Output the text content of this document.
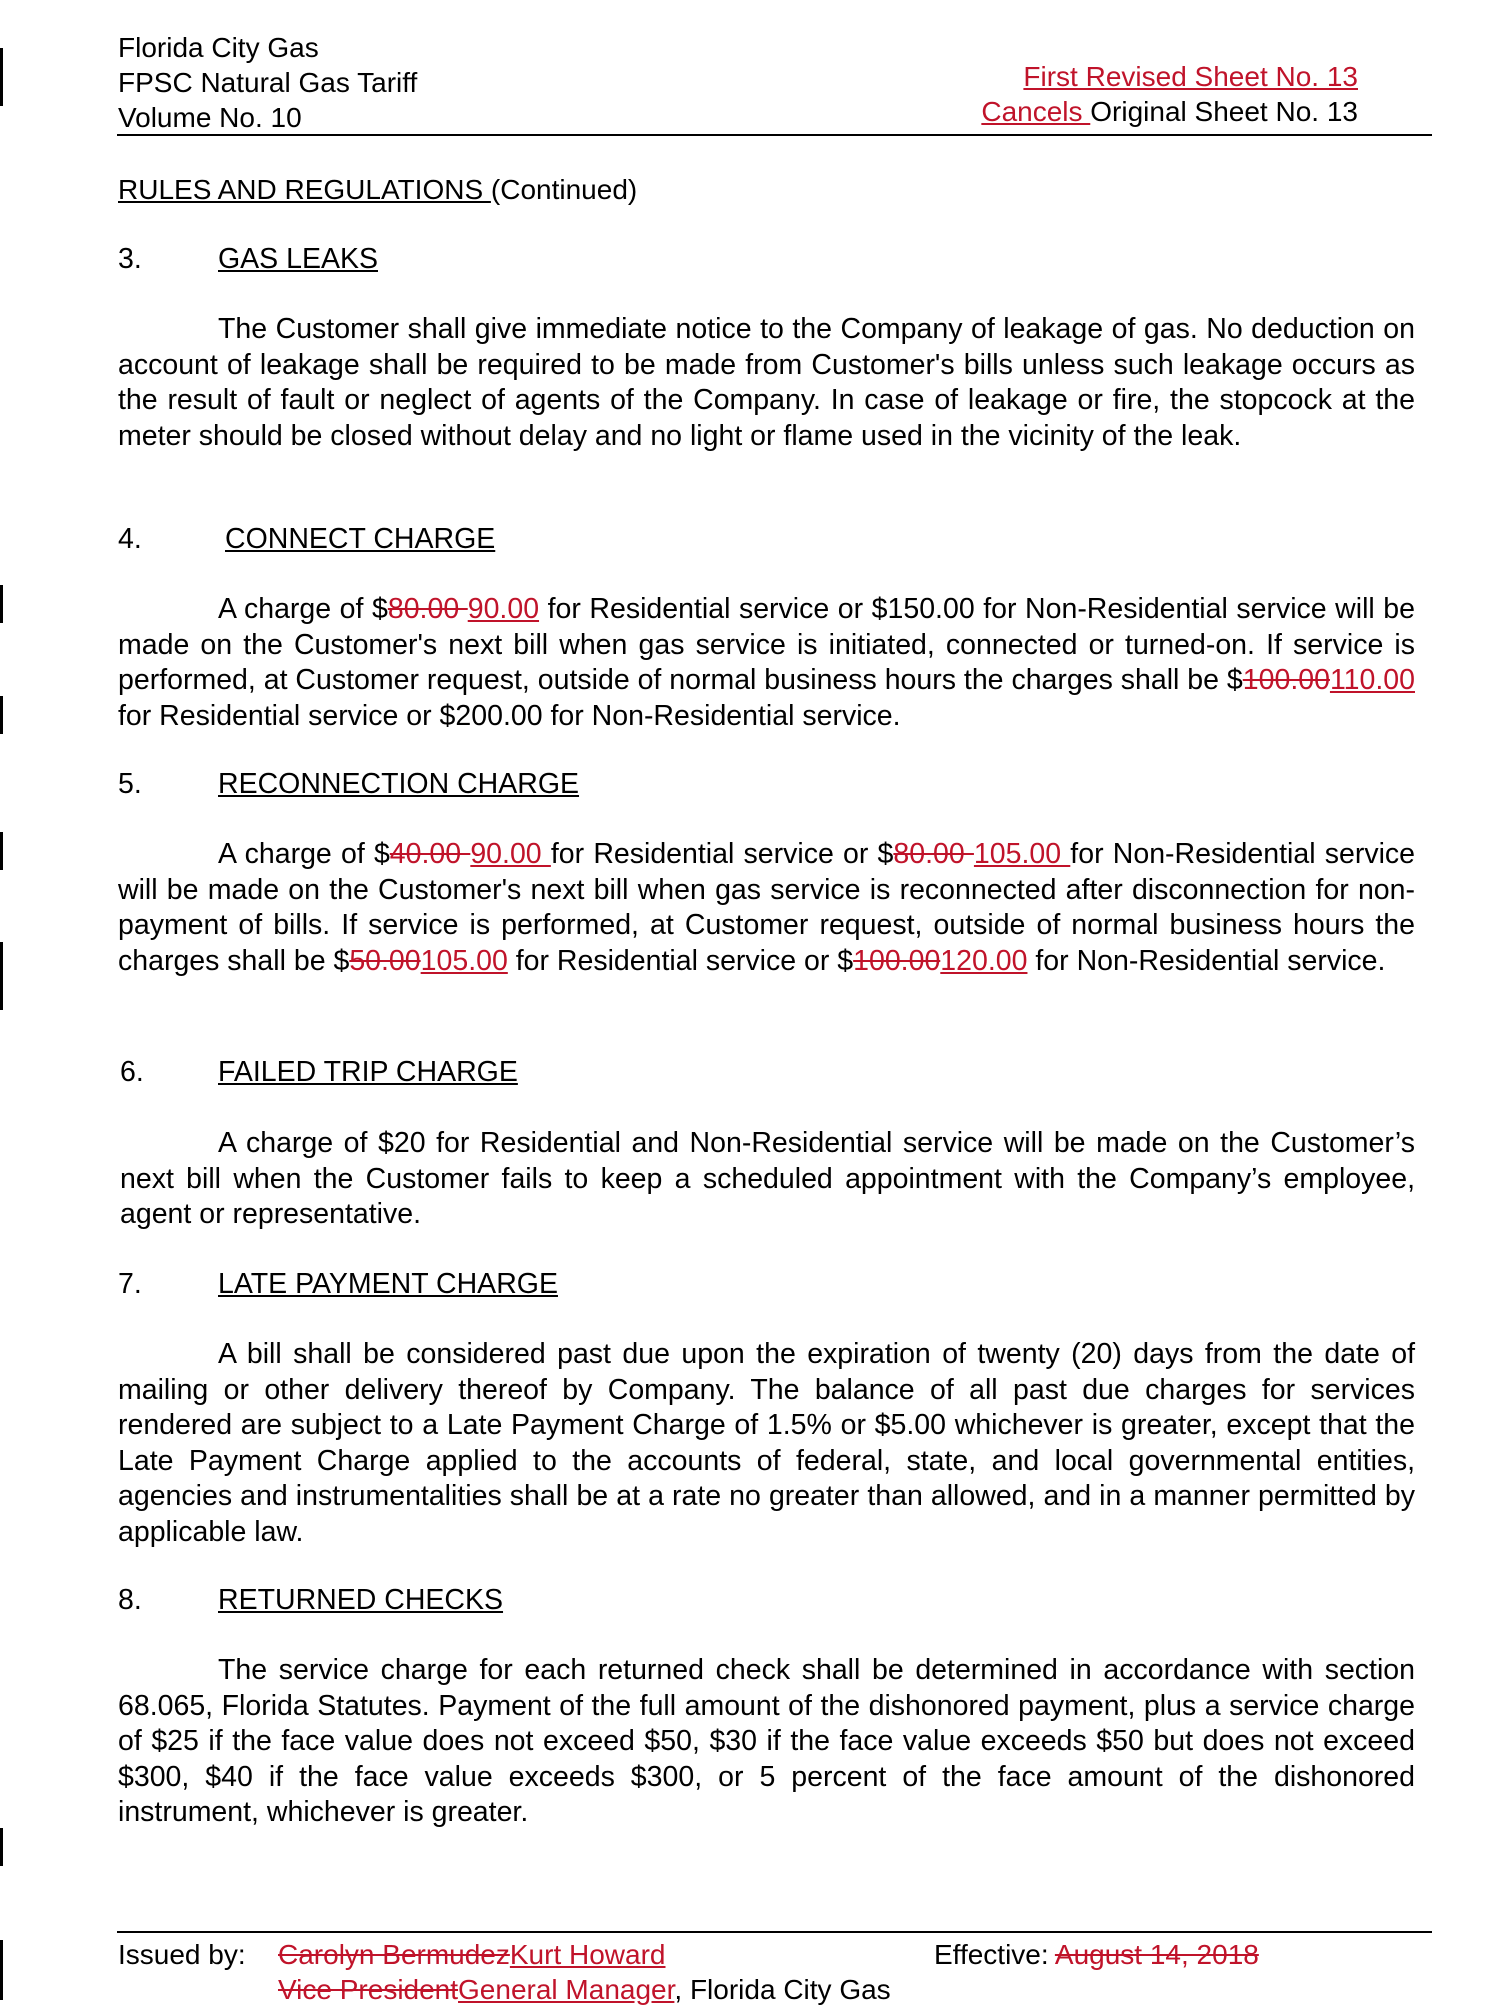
Florida City Gas
FPSC Natural Gas Tariff
Volume No. 10
First Revised Sheet No. 13
Cancels Original Sheet No. 13
RULES AND REGULATIONS (Continued)
3.	GAS LEAKS
The Customer shall give immediate notice to the Company of leakage of gas. No deduction on account of leakage shall be required to be made from Customer's bills unless such leakage occurs as the result of fault or neglect of agents of the Company. In case of leakage or fire, the stopcock at the meter should be closed without delay and no light or flame used in the vicinity of the leak.
4.	CONNECT CHARGE
A charge of $80.00 90.00 for Residential service or $150.00 for Non-Residential service will be made on the Customer's next bill when gas service is initiated, connected or turned-on. If service is performed, at Customer request, outside of normal business hours the charges shall be $100.00110.00 for Residential service or $200.00 for Non-Residential service.
5.	RECONNECTION CHARGE
A charge of $40.00 90.00 for Residential service or $80.00 105.00 for Non-Residential service will be made on the Customer's next bill when gas service is reconnected after disconnection for non- payment of bills. If service is performed, at Customer request, outside of normal business hours the charges shall be $50.00105.00 for Residential service or $100.00120.00 for Non-Residential service.
6.	FAILED TRIP CHARGE
A charge of $20 for Residential and Non-Residential service will be made on the Customer’s next bill when the Customer fails to keep a scheduled appointment with the Company’s employee, agent or representative.
7.	LATE PAYMENT CHARGE
A bill shall be considered past due upon the expiration of twenty (20) days from the date of mailing or other delivery thereof by Company. The balance of all past due charges for services rendered are subject to a Late Payment Charge of 1.5% or $5.00 whichever is greater, except that the Late Payment Charge applied to the accounts of federal, state, and local governmental entities, agencies and instrumentalities shall be at a rate no greater than allowed, and in a manner permitted by applicable law.
8.	RETURNED CHECKS
The service charge for each returned check shall be determined in accordance with section 68.065, Florida Statutes. Payment of the full amount of the dishonored payment, plus a service charge of $25 if the face value does not exceed $50, $30 if the face value exceeds $50 but does not exceed $300, $40 if the face value exceeds $300, or 5 percent of the face amount of the dishonored instrument, whichever is greater.
Issued by: Carolyn BermudezKurt Howard
Vice PresidentGeneral Manager, Florida City Gas
Effective: August 14, 2018
